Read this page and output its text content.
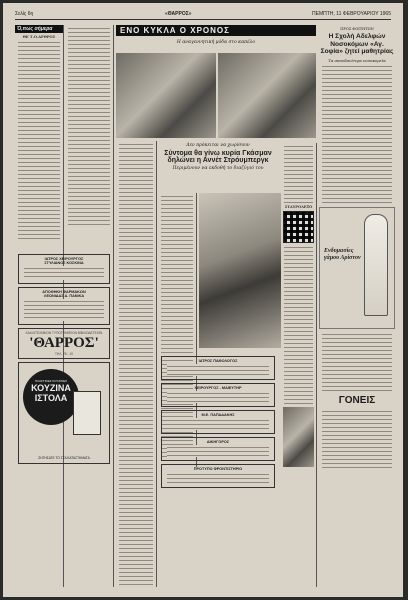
Σελίς 6η	«ΘΑΡΡΟΣ»	ΠΕΜΠΤΗ, 11 ΦΕΒΡΟΥΑΡΙΟΥ 1965
Ό,πως σήμερα
ΘΕ Τ.Ο.ΑΡΘΡΟΣ
ΙΑΤΡΟΣ ΧΕΙΡΟΥΡΓΟΣ
ΣΤΥΛΙΑΝΟΣ ΚΟΣΚΙΝΑ
ΑΠΟΘΗΚΗ ΦΑΡΜΑΚΩΝ
ΛΕΩΝΙΔΑΣ Α. ΠΑΝΙΚΑ
ΚΑΛΛΙΤΕΧΝΙΚΟΝ ΤΥΠΟΓΡΑΦΕΙΟΝ ΒΙΒΛΙΟΔΕΤΕΙΟΝ
'ΘΑΡΡΟΣ'
ΤΗΛ. 76 - 10
ΠΛΑΣΤΙΚΕΣ ΚΟΥΖΙΝΕΣ
ΚΟΥΖΙΝΑ
ΙΣΤΟΛΑ
ΖΗΤΗΣΑΤΕ ΤΟ ΣΤΑ ΚΑΤΑΣΤΗΜΑΤΑ
ΕΝΟ ΚΥΚΛΑ Ο ΧΡΟΝΟΣ
Η αναγεννητική μόδα στο καπέλο
Δεν πρόκειται να χωρίσουν
Σύντομα θα γίνω κυρία Γκάσμαν
δηλώνει η Αννέτ Στρόυμπεργκ
Περιμένουν να εκδοθή το διαζύγιό του
ΙΑΤΡΟΣ ΠΑΘΟΛΟΓΟΣ
ΧΕΙΡΟΥΡΓΟΣ - ΜΑΙΕΥΤΗΡ
Μ.Ε. ΠΑΠΑΔΑΚΗΣ
ΔΙΚΗΓΟΡΟΣ
ΠΡΟΤΥΠΟ ΦΡΟΝΤΙΣΤΗΡΙΟ
ΣΤΑΥΡΟΛΕΞΟ
ΠΡΟΣ ΦΟΙΤΗΤΩΝ
Η Σχολή Αδελφών Νοσοκόμων «Αγ. Σοφία» ζητεί μαθητρίας
Τα σπουδαιότερα νοσοκομεία
Ενδυμασίες γάμου Αρίστον
ΓΟΝΕΙΣ
